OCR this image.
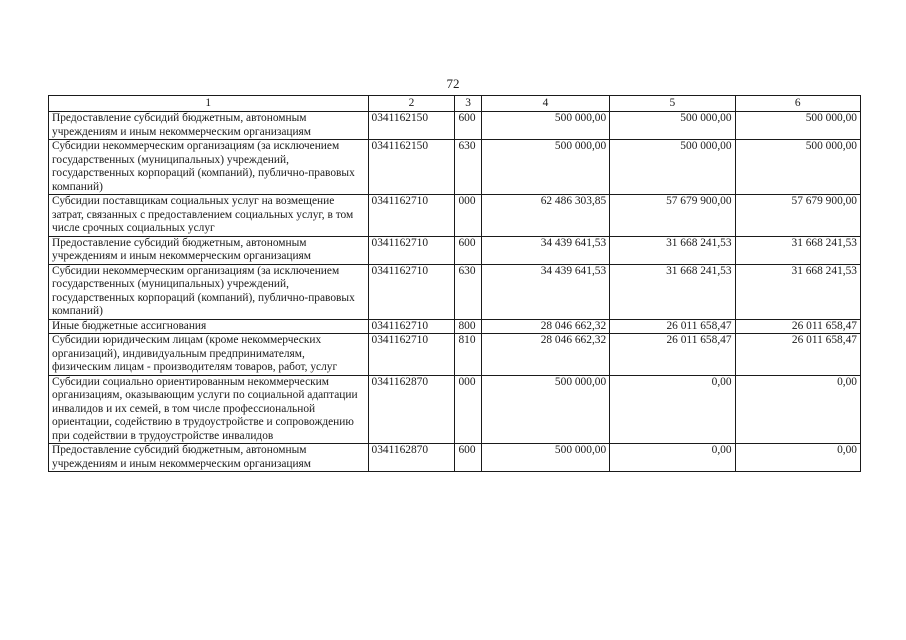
72
1	2	3	4	5	6
Предоставление субсидий бюджетным, автономным учреждениям и иным некоммерческим организациям	0341162150	600	500 000,00	500 000,00	500 000,00
Субсидии некоммерческим организациям (за исключением государственных (муниципальных) учреждений, государственных корпораций (компаний), публично-правовых компаний)	0341162150	630	500 000,00	500 000,00	500 000,00
Субсидии поставщикам социальных услуг на возмещение затрат, связанных с предоставлением социальных услуг, в том числе срочных социальных услуг	0341162710	000	62 486 303,85	57 679 900,00	57 679 900,00
Предоставление субсидий бюджетным, автономным учреждениям и иным некоммерческим организациям	0341162710	600	34 439 641,53	31 668 241,53	31 668 241,53
Субсидии некоммерческим организациям (за исключением государственных (муниципальных) учреждений, государственных корпораций (компаний), публично-правовых компаний)	0341162710	630	34 439 641,53	31 668 241,53	31 668 241,53
Иные бюджетные ассигнования	0341162710	800	28 046 662,32	26 011 658,47	26 011 658,47
Субсидии юридическим лицам (кроме некоммерческих организаций), индивидуальным предпринимателям, физическим лицам - производителям товаров, работ, услуг	0341162710	810	28 046 662,32	26 011 658,47	26 011 658,47
Субсидии социально ориентированным некоммерческим организациям, оказывающим услуги по социальной адаптации инвалидов и их семей, в том числе профессиональной ориентации, содействию в трудоустройстве и сопровождению при содействии в трудоустройстве инвалидов	0341162870	000	500 000,00	0,00	0,00
Предоставление субсидий бюджетным, автономным учреждениям и иным некоммерческим организациям	0341162870	600	500 000,00	0,00	0,00
